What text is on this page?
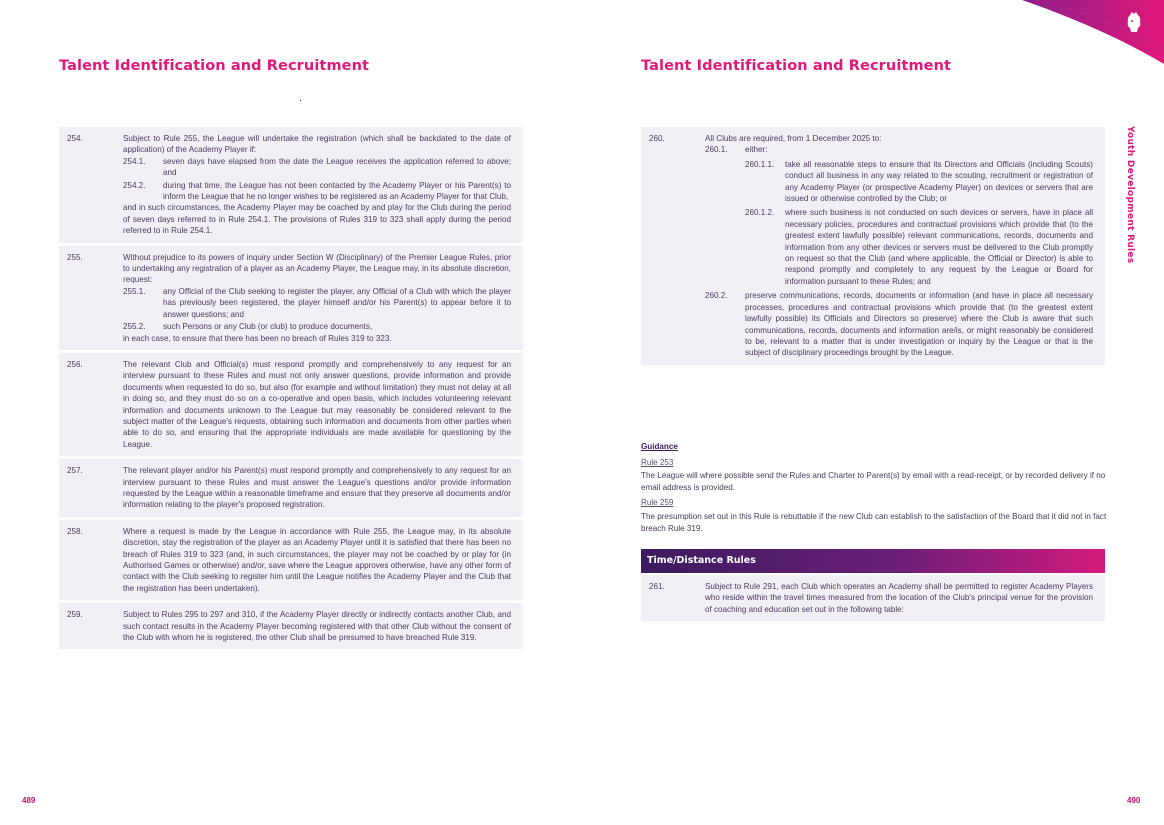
Talent Identification and Recruitment
254.	Subject to Rule 255, the League will undertake the registration (which shall be backdated to the date of application) of the Academy Player if:

254.1.	seven days have elapsed from the date the League receives the application referred to above; and
254.2.	during that time, the League has not been contacted by the Academy Player or his Parent(s) to inform the League that he no longer wishes to be registered as an Academy Player for that Club,

and in such circumstances, the Academy Player may be coached by and play for the Club during the period of seven days referred to in Rule 254.1. The provisions of Rules 319 to 323 shall apply during the period referred to in Rule 254.1.

255.	Without prejudice to its powers of inquiry under Section W (Disciplinary) of the Premier League Rules, prior to undertaking any registration of a player as an Academy Player, the League may, in its absolute discretion, request:

255.1.	any Official of the Club seeking to register the player, any Official of a Club with which the player has previously been registered, the player himself and/or his Parent(s) to appear before it to answer questions; and
255.2.	such Persons or any Club (or club) to produce documents,

in each case, to ensure that there has been no breach of Rules 319 to 323.

256.	The relevant Club and Official(s) must respond promptly and comprehensively to any request for an interview pursuant to these Rules and must not only answer questions, provide information and provide documents when requested to do so, but also (for example and without limitation) they must not delay at all in doing so, and they must do so on a co-operative and open basis, which includes volunteering relevant information and documents unknown to the League but may reasonably be considered relevant to the subject matter of the League's requests, obtaining such information and documents from other parties when able to do so, and ensuring that the appropriate individuals are made available for questioning by the League.

257.	The relevant player and/or his Parent(s) must respond promptly and comprehensively to any request for an interview pursuant to these Rules and must answer the League's questions and/or provide information requested by the League within a reasonable timeframe and ensure that they preserve all documents and/or information relating to the player's proposed registration.

258.	Where a request is made by the League in accordance with Rule 255, the League may, in its absolute discretion, stay the registration of the player as an Academy Player until it is satisfied that there has been no breach of Rules 319 to 323 (and, in such circumstances, the player may not be coached by or play for (in Authorised Games or otherwise) and/or, save where the League approves otherwise, have any other form of contact with the Club seeking to register him until the League notifies the Academy Player and the Club that the registration has been undertaken).

259.	Subject to Rules 295 to 297 and 310, if the Academy Player directly or indirectly contacts another Club, and such contact results in the Academy Player becoming registered with that other Club without the consent of the Club with whom he is registered, the other Club shall be presumed to have breached Rule 319.

489
Talent Identification and Recruitment
Youth Development Rules
260.	All Clubs are required, from 1 December 2025 to:

260.1.	either:
260.1.1.	take all reasonable steps to ensure that its Directors and Officials (including Scouts) conduct all business in any way related to the scouting, recruitment or registration of any Academy Player (or prospective Academy Player) on devices or servers that are issued or otherwise controlled by the Club; or
260.1.2.	where such business is not conducted on such devices or servers, have in place all necessary policies, procedures and contractual provisions which provide that (to the greatest extent lawfully possible) relevant communications, records, documents and information from any other devices or servers must be delivered to the Club promptly on request so that the Club (and where applicable, the Official or Director) is able to respond promptly and completely to any request by the League or Board for information pursuant to these Rules; and
260.2.	preserve communications, records, documents or information (and have in place all necessary processes, procedures and contractual provisions which provide that (to the greatest extent lawfully possible) its Officials and Directors so preserve) where the Club is aware that such communications, records, documents and information are/is, or might reasonably be considered to be, relevant to a matter that is under investigation or inquiry by the League or that is the subject of disciplinary proceedings brought by the League.
Guidance
Rule 253

The League will where possible send the Rules and Charter to Parent(s) by email with a read-receipt, or by recorded delivery if no email address is provided.

Rule 259

The presumption set out in this Rule is rebuttable if the new Club can establish to the satisfaction of the Board that it did not in fact breach Rule 319.

Time/Distance Rules
261.	Subject to Rule 291, each Club which operates an Academy shall be permitted to register Academy Players who reside within the travel times measured from the location of the Club's principal venue for the provision of coaching and education set out in the following table:

490
